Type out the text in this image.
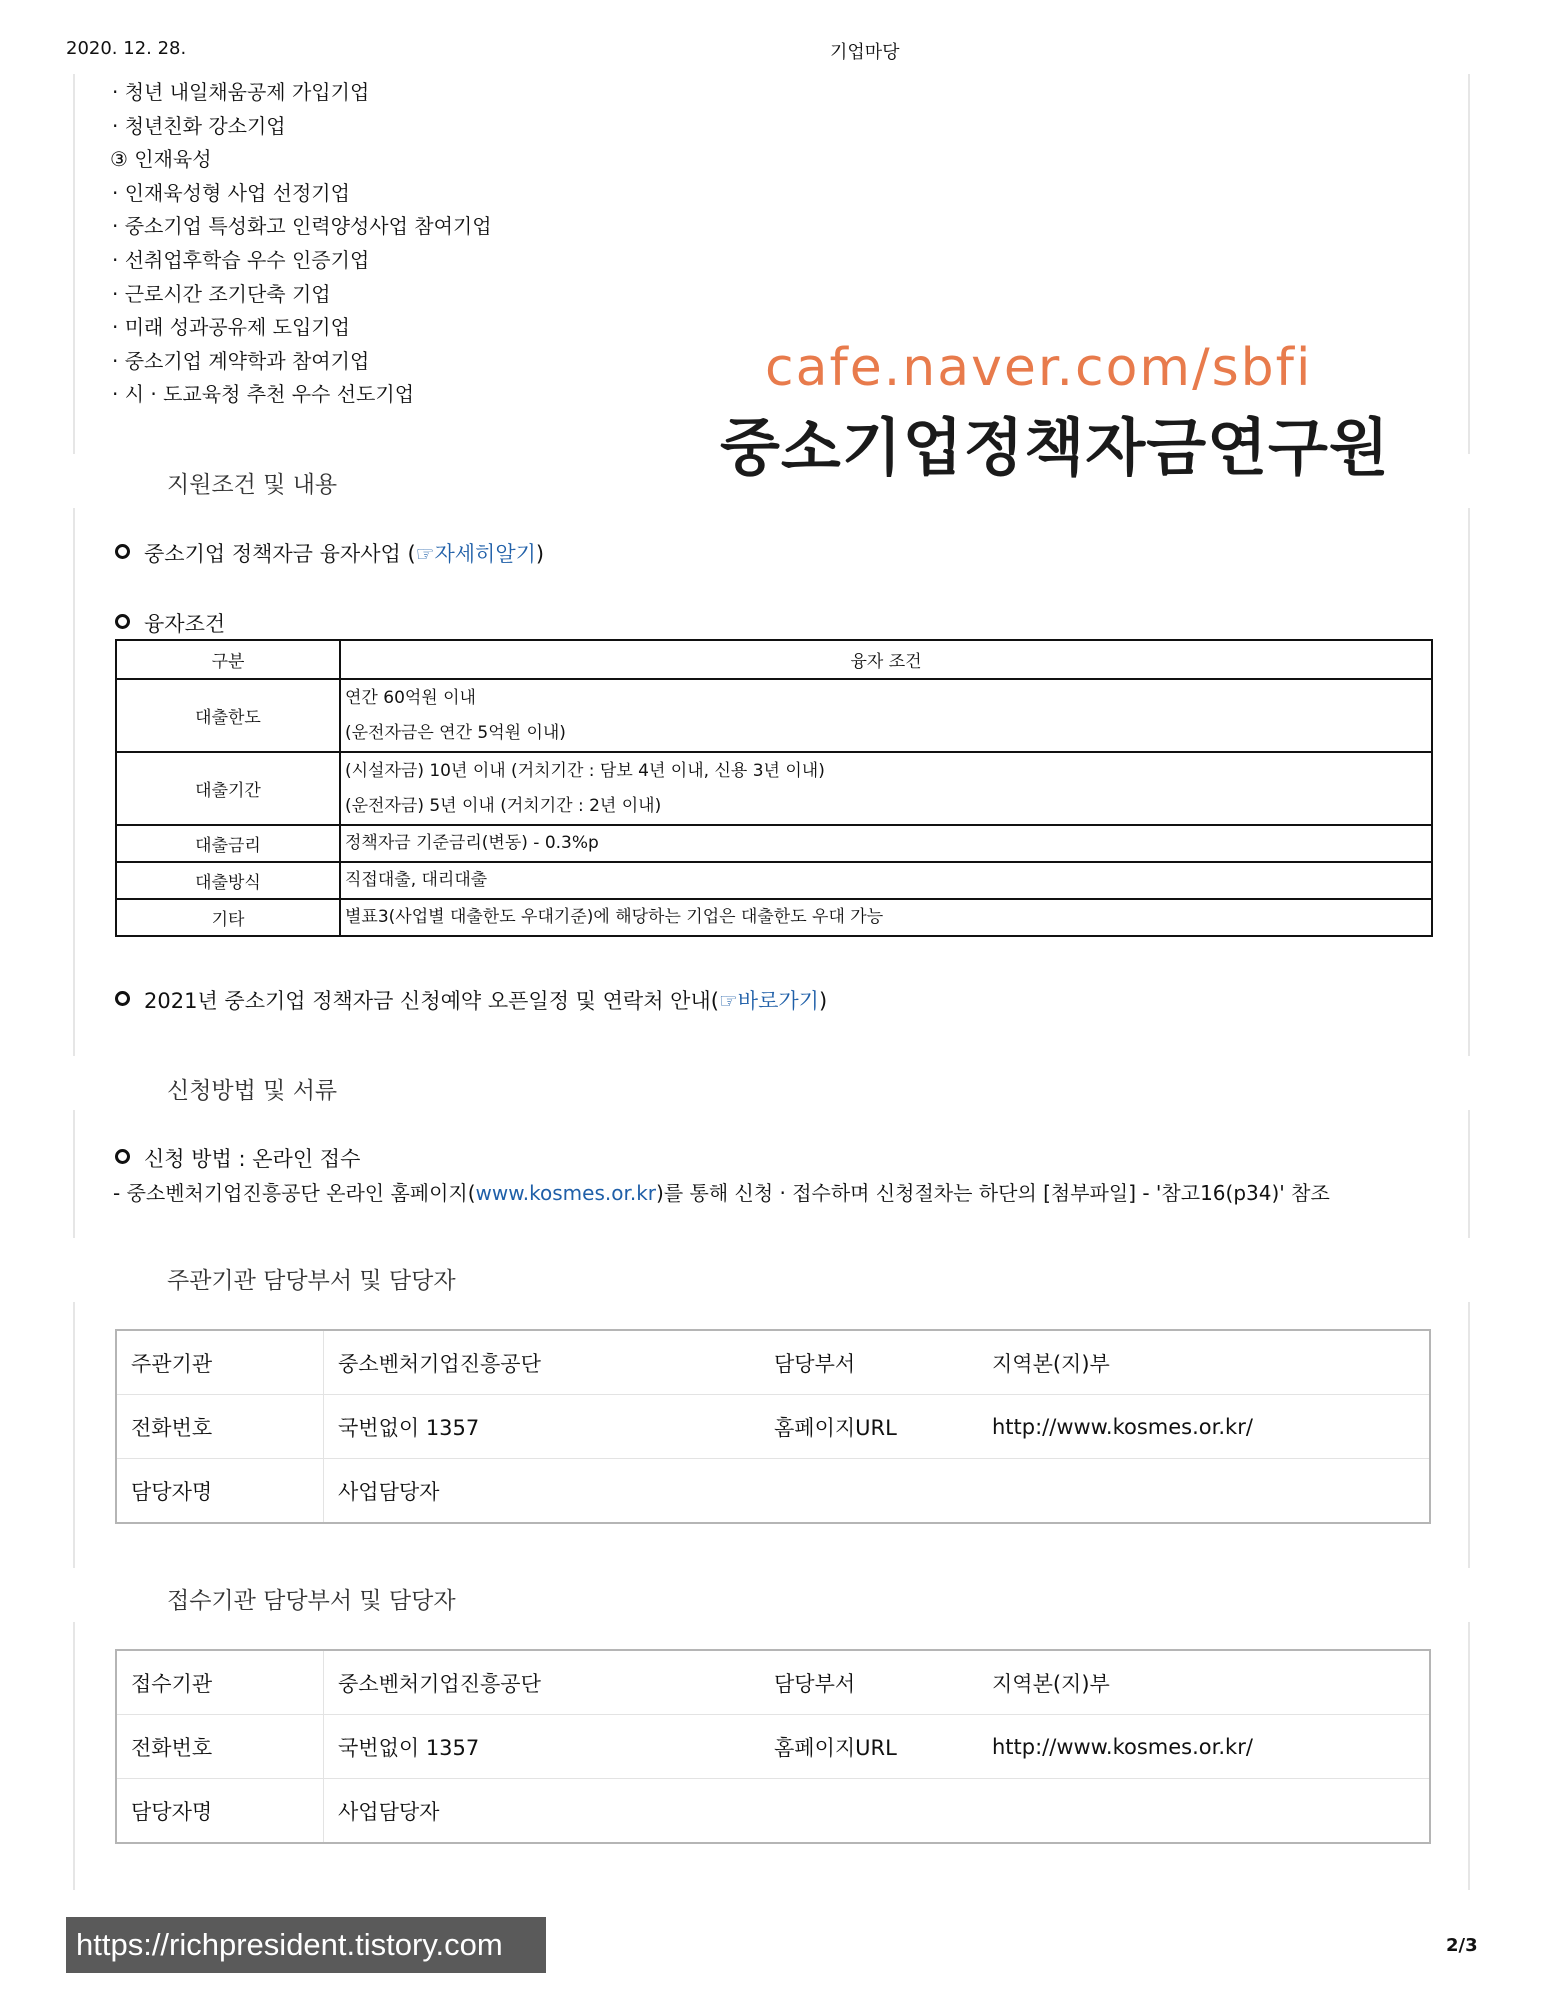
2020. 12. 28.	기업마당
· 청년 내일채움공제 가입기업
· 청년친화 강소기업
③ 인재육성
· 인재육성형 사업 선정기업
· 중소기업 특성화고 인력양성사업 참여기업
· 선취업후학습 우수 인증기업
· 근로시간 조기단축 기업
· 미래 성과공유제 도입기업
· 중소기업 계약학과 참여기업
· 시 · 도교육청 추천 우수 선도기업	cafe.naver.com/sbfi
중소기업정책자금연구원
지원조건 및 내용
중소기업 정책자금 융자사업 (☞자세히알기)
융자조건
구분	융자 조건
대출한도	연간 60억원 이내
(운전자금은 연간 5억원 이내)

대출기간	(시설자금) 10년 이내 (거치기간 : 담보 4년 이내, 신용 3년 이내)
(운전자금) 5년 이내 (거치기간 : 2년 이내)

대출금리	정책자금 기준금리(변동) - 0.3%p
대출방식	직접대출, 대리대출
기타	별표3(사업별 대출한도 우대기준)에 해당하는 기업은 대출한도 우대 가능
2021년 중소기업 정책자금 신청예약 오픈일정 및 연락처 안내(☞바로가기)
신청방법 및 서류
신청 방법 : 온라인 접수
- 중소벤처기업진흥공단 온라인 홈페이지(www.kosmes.or.kr)를 통해 신청 · 접수하며 신청절차는 하단의 [첨부파일] - '참고16(p34)' 참조
주관기관 담당부서 및 담당자
주관기관	중소벤처기업진흥공단	담당부서	지역본(지)부
전화번호	국번없이 1357	홈페이지URL	http://www.kosmes.or.kr/
담당자명	사업담당자		
접수기관 담당부서 및 담당자
접수기관	중소벤처기업진흥공단	담당부서	지역본(지)부
전화번호	국번없이 1357	홈페이지URL	http://www.kosmes.or.kr/
담당자명	사업담당자		
https://richpresident.tistory.com	2/3
